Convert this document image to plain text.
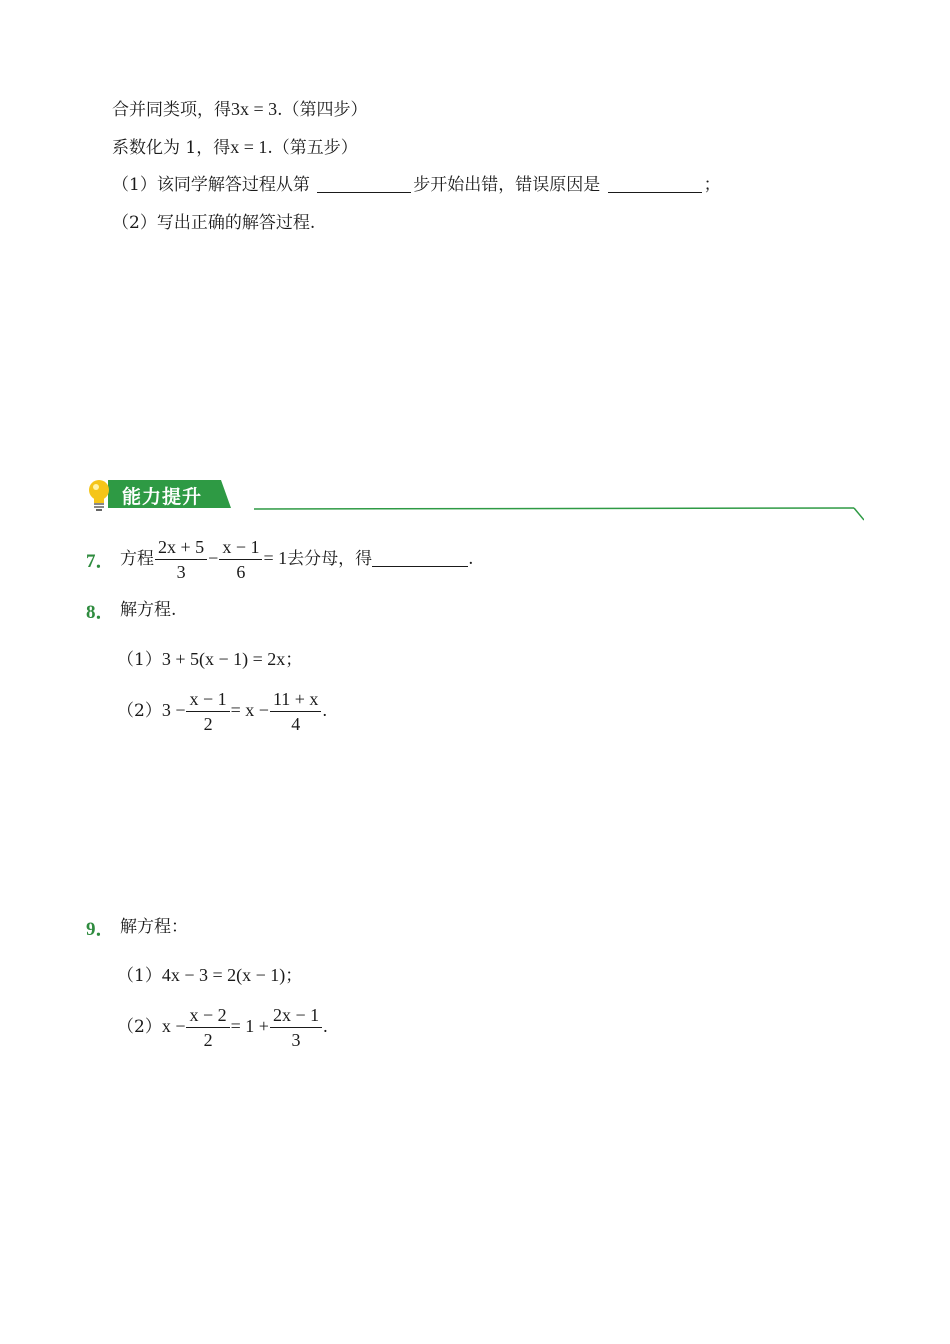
合并同类项，得3x = 3.（第四步）
系数化为 1，得x = 1.（第五步）
（1）该同学解答过程从第	步开始出错，错误原因是	；
（2）写出正确的解答过程.
能力提升
7． 方程 $\frac{2x + 5}{3} - \frac{x - 1}{6} = 1$去分母，得	.
8． 解方程.
（1）3 + 5(x − 1) = 2x；
$(2)3 - \frac{x - 1}{2} = x - \frac{11 + x}{4}$ .
9． 解方程：
（1）4x − 3 = 2(x − 1)；
$(2)x - \frac{x - 2}{2} = 1 + \frac{2x - 1}{3}$ .
